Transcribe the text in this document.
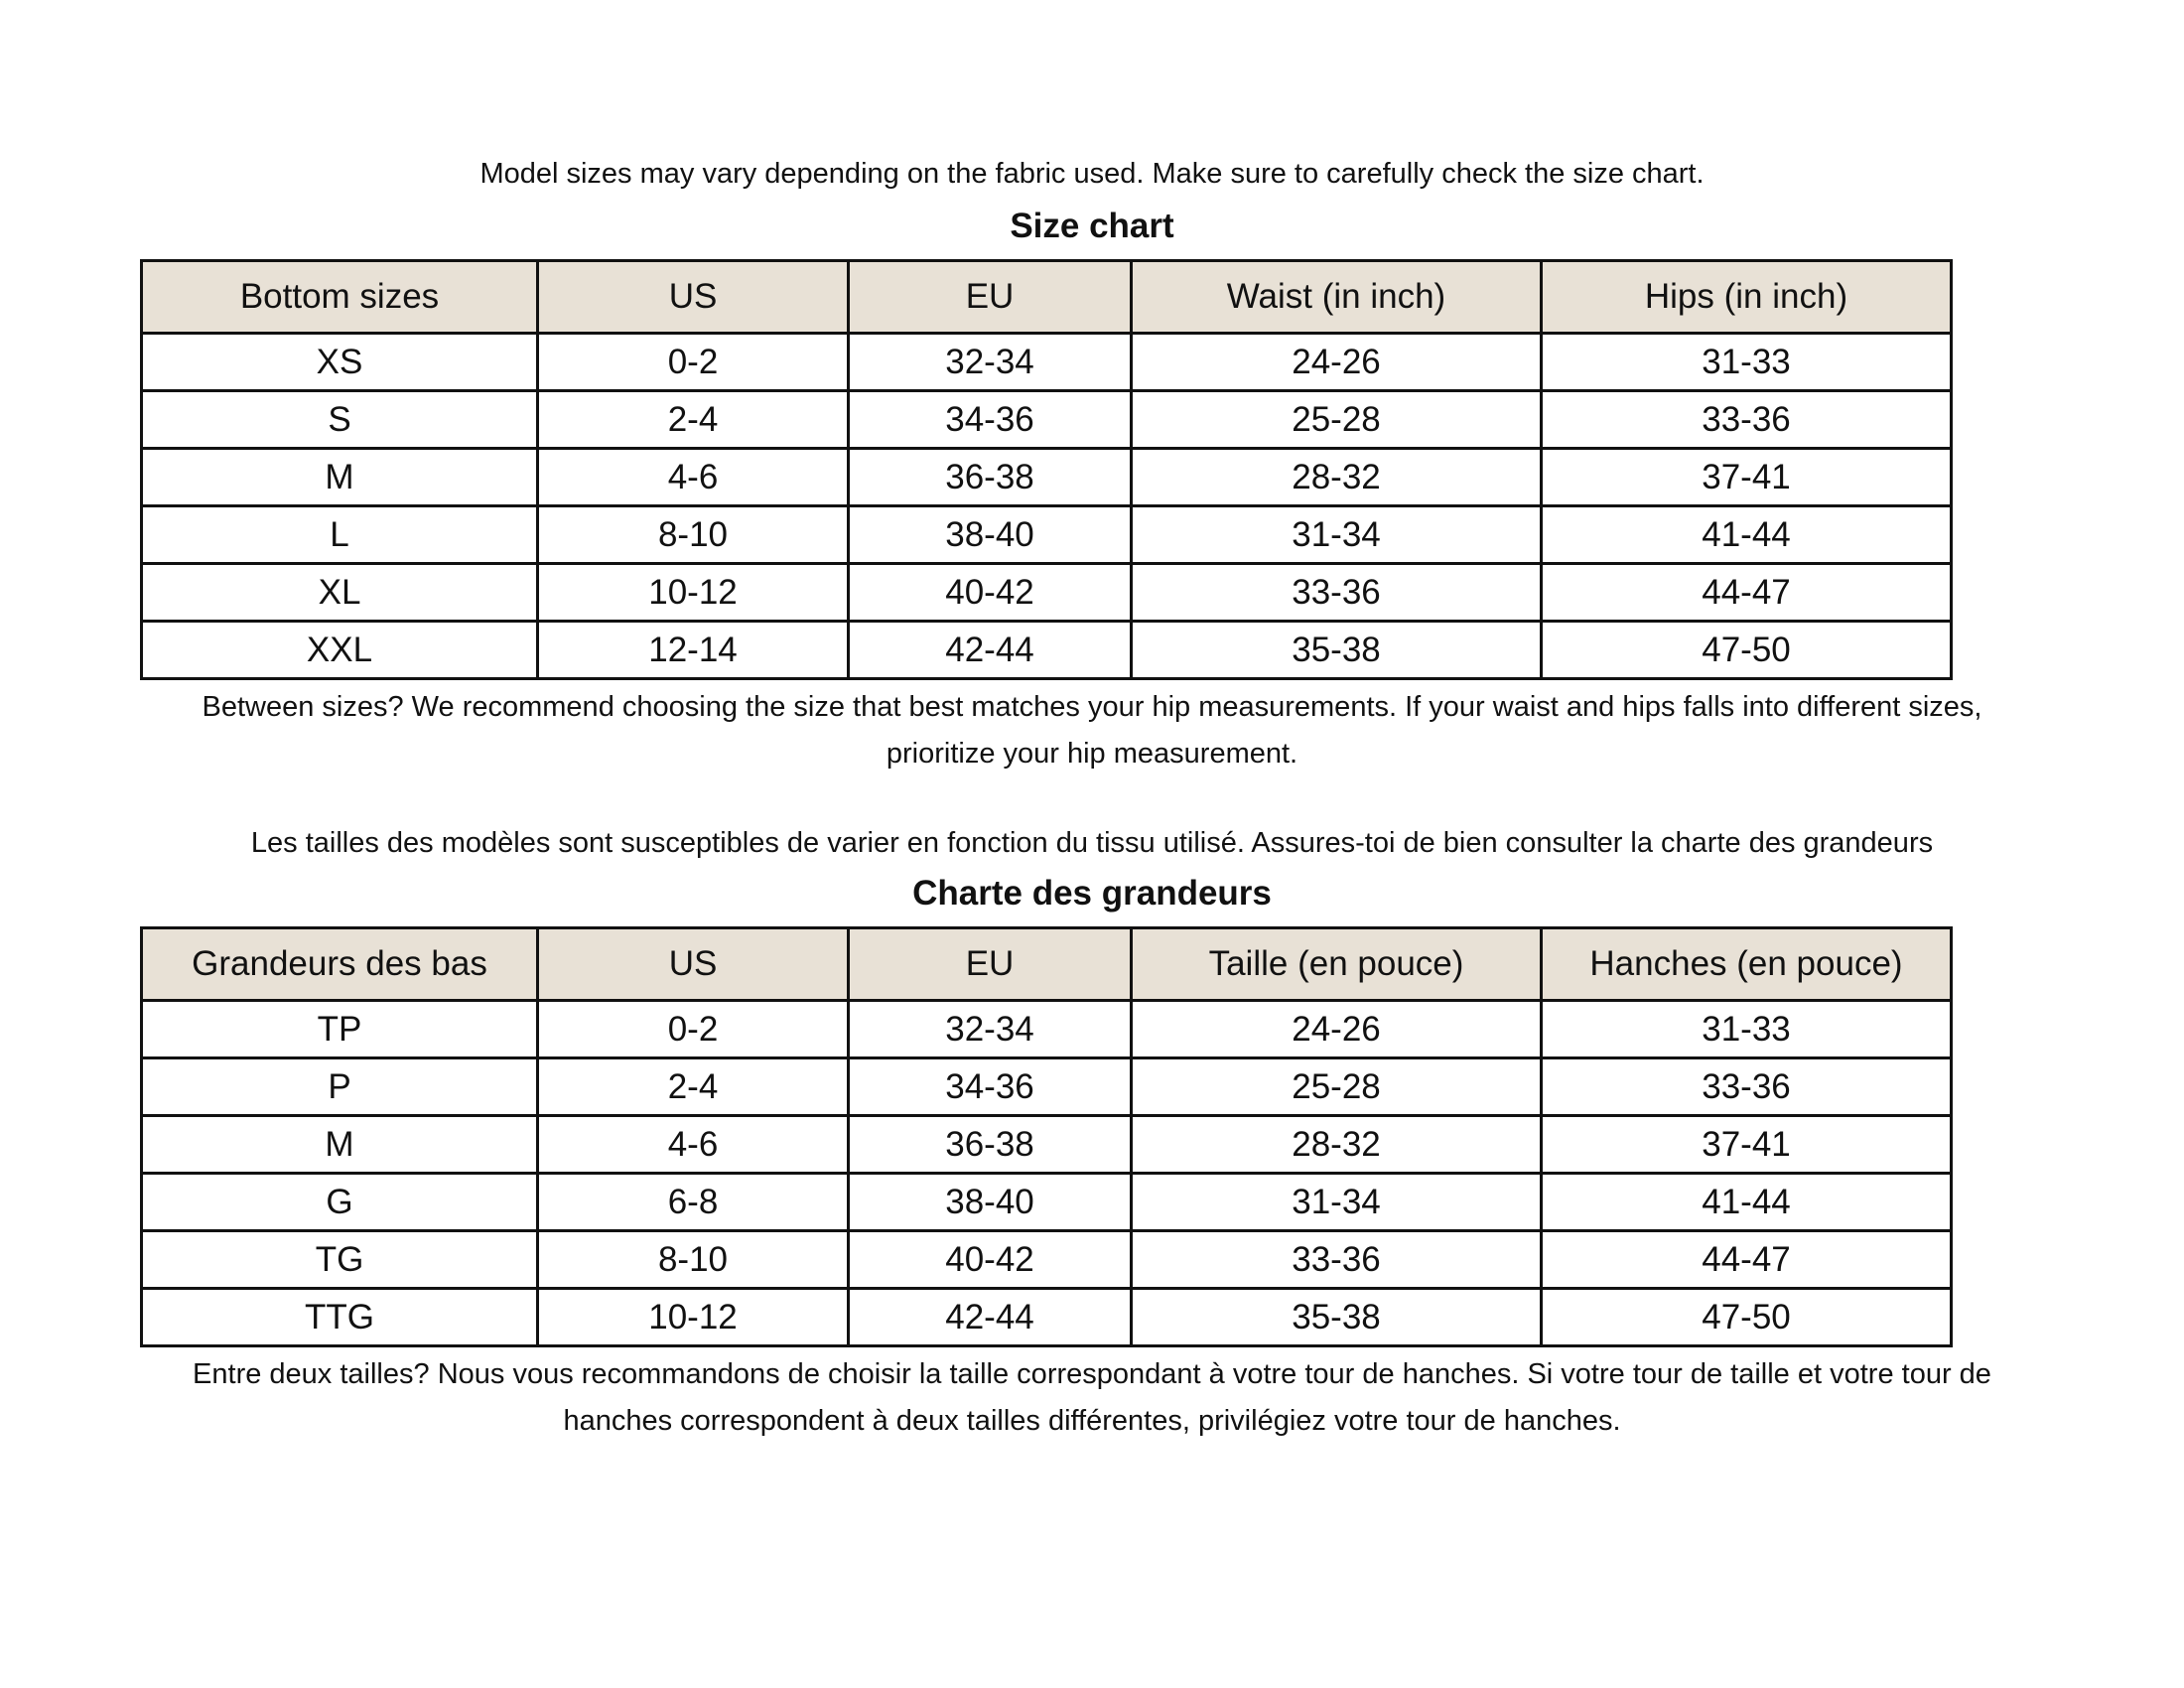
Model sizes may vary depending on the fabric used. Make sure to carefully check the size chart.

Size chart

Bottom sizes	US	EU	Waist (in inch)	Hips (in inch)
XS	0-2	32-34	24-26	31-33
S	2-4	34-36	25-28	33-36
M	4-6	36-38	28-32	37-41
L	8-10	38-40	31-34	41-44
XL	10-12	40-42	33-36	44-47
XXL	12-14	42-44	35-38	47-50

Between sizes? We recommend choosing the size that best matches your hip measurements. If your waist and hips falls into different sizes, prioritize your hip measurement.

Les tailles des modèles sont susceptibles de varier en fonction du tissu utilisé. Assures-toi de bien consulter la charte des grandeurs

Charte des grandeurs

Grandeurs des bas	US	EU	Taille (en pouce)	Hanches (en pouce)
TP	0-2	32-34	24-26	31-33
P	2-4	34-36	25-28	33-36
M	4-6	36-38	28-32	37-41
G	6-8	38-40	31-34	41-44
TG	8-10	40-42	33-36	44-47
TTG	10-12	42-44	35-38	47-50

Entre deux tailles? Nous vous recommandons de choisir la taille correspondant à votre tour de hanches. Si votre tour de taille et votre tour de hanches correspondent à deux tailles différentes, privilégiez votre tour de hanches.
